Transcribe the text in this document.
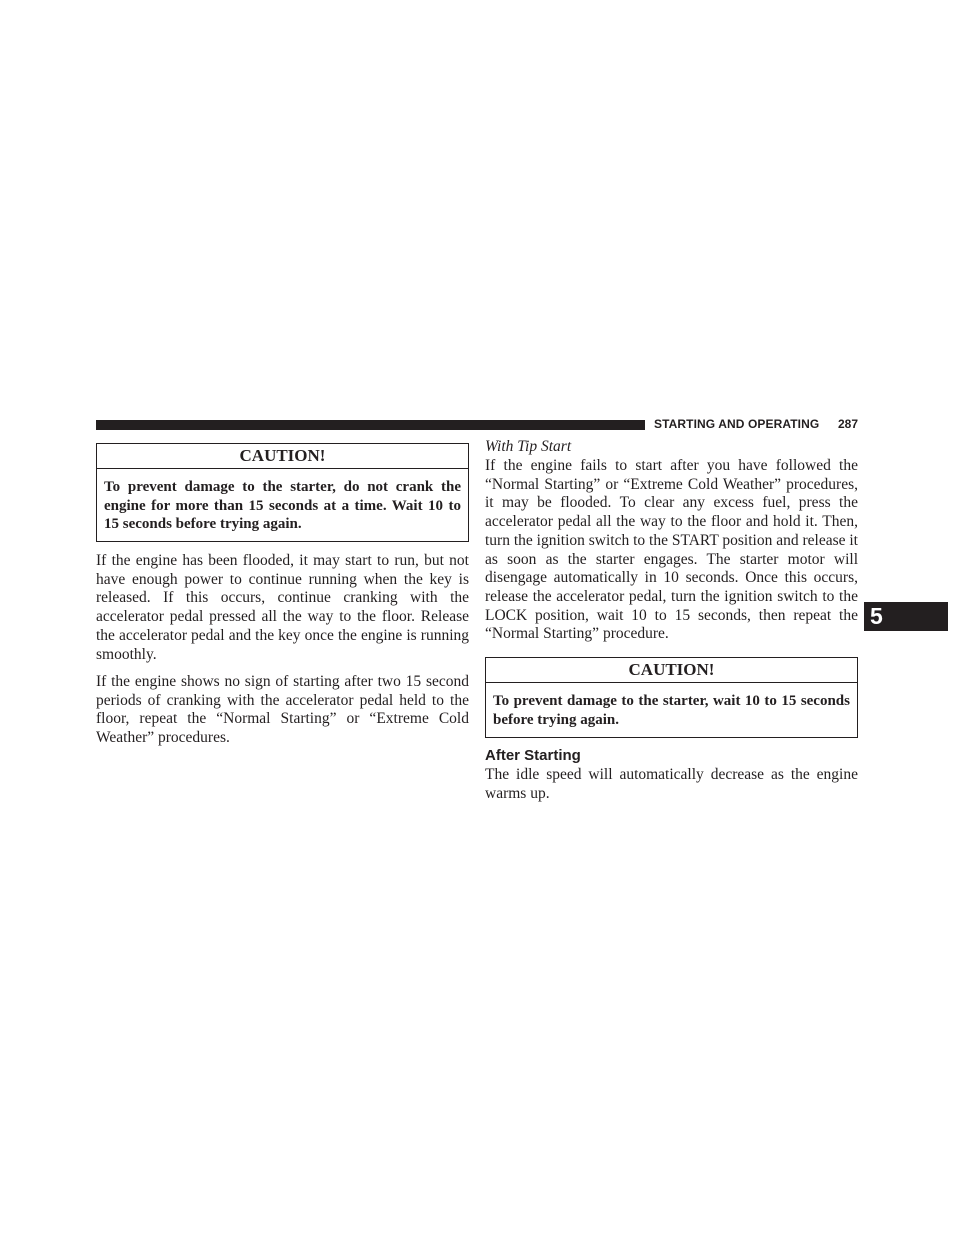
STARTING AND OPERATING 287
5
CAUTION!
To prevent damage to the starter, do not crank the engine for more than 15 seconds at a time. Wait 10 to 15 seconds before trying again.
If the engine has been flooded, it may start to run, but not have enough power to continue running when the key is released. If this occurs, continue cranking with the accelerator pedal pressed all the way to the floor. Release the accelerator pedal and the key once the engine is running smoothly.
If the engine shows no sign of starting after two 15 second periods of cranking with the accelerator pedal held to the floor, repeat the “Normal Starting” or “Extreme Cold Weather” procedures.
With Tip Start
If the engine fails to start after you have followed the “Normal Starting” or “Extreme Cold Weather” procedures, it may be flooded. To clear any excess fuel, press the accelerator pedal all the way to the floor and hold it. Then, turn the ignition switch to the START position and release it as soon as the starter engages. The starter motor will disengage automatically in 10 seconds. Once this occurs, release the accelerator pedal, turn the ignition switch to the LOCK position, wait 10 to 15 seconds, then repeat the “Normal Starting” procedure.
CAUTION!
To prevent damage to the starter, wait 10 to 15 seconds before trying again.
After Starting
The idle speed will automatically decrease as the engine warms up.
